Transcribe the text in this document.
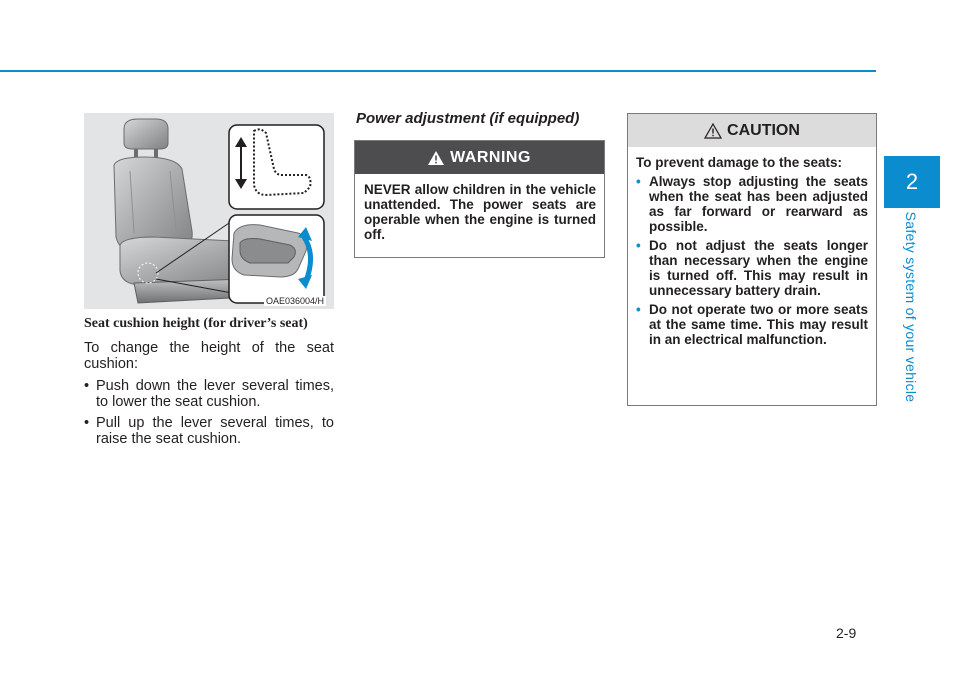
OAE036004/H
Seat cushion height (for driver’s seat)

To change the height of the seat cushion:

• Push down the lever several times, to lower the seat cushion.
• Pull up the lever several times, to raise the seat cushion.
Power adjustment (if equipped)
WARNING
NEVER allow children in the vehicle unattended. The power seats are operable when the engine is turned off.
CAUTION

To prevent damage to the seats:

• Always stop adjusting the seats when the seat has been adjusted as far forward or rearward as possible.
• Do not adjust the seats longer than necessary when the engine is turned off. This may result in unnecessary battery drain.
• Do not operate two or more seats at the same time. This may result in an electrical malfunction.
2
Safety system of your vehicle
2-9
